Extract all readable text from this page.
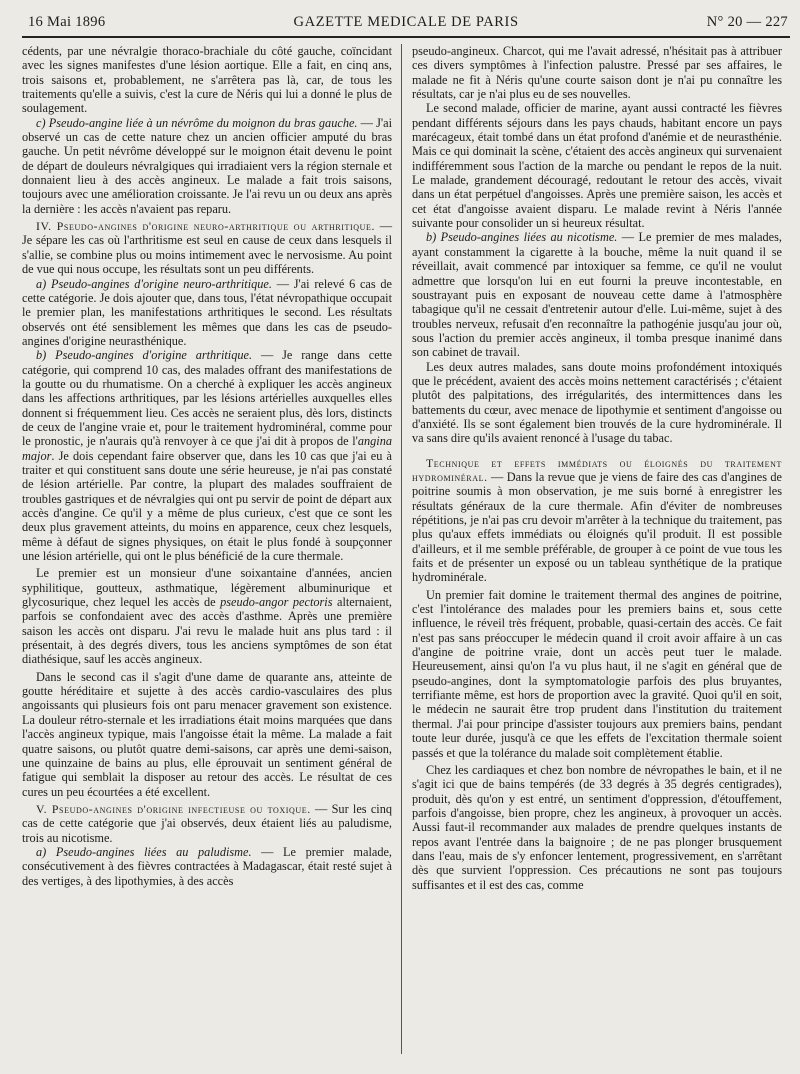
16 Mai 1896	GAZETTE MEDICALE DE PARIS	N° 20 — 227

cédents, par une névralgie thoraco-brachiale du côté gauche, coïncidant avec les signes manifestes d'une lésion aortique. Elle a fait, en cinq ans, trois saisons et, probablement, ne s'arrêtera pas là, car, de tous les traitements qu'elle a suivis, c'est la cure de Néris qui lui a donné le plus de soulagement.

c) Pseudo-angine liée à un névrôme du moignon du bras gauche. — J'ai observé un cas de cette nature chez un ancien officier amputé du bras gauche. Un petit névrôme développé sur le moignon était devenu le point de départ de douleurs névralgiques qui irradiaient vers la région sternale et donnaient lieu à des accès angineux. Le malade a fait trois saisons, toujours avec une amélioration croissante. Je l'ai revu un ou deux ans après la dernière : les accès n'avaient pas reparu.

IV. Pseudo-angines d'origine neuro-arthritique ou arthritique. — Je sépare les cas où l'arthritisme est seul en cause de ceux dans lesquels il s'allie, se combine plus ou moins intimement avec le nervosisme. Au point de vue qui nous occupe, les résultats sont un peu différents.

a) Pseudo-angines d'origine neuro-arthritique. — J'ai relevé 6 cas de cette catégorie. Je dois ajouter que, dans tous, l'état névropathique occupait le premier plan, les manifestations arthritiques le second. Les résultats observés ont été sensiblement les mêmes que dans les cas de pseudo-angines d'origine neurasthénique.

b) Pseudo-angines d'origine arthritique. — Je range dans cette catégorie, qui comprend 10 cas, des malades offrant des manifestations de la goutte ou du rhumatisme. On a cherché à expliquer les accès angineux dans les affections arthritiques, par les lésions artérielles auxquelles elles donnent si fréquemment lieu. Ces accès ne seraient plus, dès lors, distincts de ceux de l'angine vraie et, pour le traitement hydrominéral, comme pour le pronostic, je n'aurais qu'à renvoyer à ce que j'ai dit à propos de l'angina major. Je dois cependant faire observer que, dans les 10 cas que j'ai eu à traiter et qui constituent sans doute une série heureuse, je n'ai pas constaté de lésion artérielle. Par contre, la plupart des malades souffraient de troubles gastriques et de névralgies qui ont pu servir de point de départ aux accès d'angine. Ce qu'il y a même de plus curieux, c'est que ce sont les deux plus gravement atteints, du moins en apparence, ceux chez lesquels, même à défaut de signes physiques, on était le plus fondé à soupçonner une lésion artérielle, qui ont le plus bénéficié de la cure thermale.

Le premier est un monsieur d'une soixantaine d'années, ancien syphilitique, goutteux, asthmatique, légèrement albuminurique et glycosurique, chez lequel les accès de pseudo-angor pectoris alternaient, parfois se confondaient avec des accès d'asthme. Après une première saison les accès ont disparu. J'ai revu le malade huit ans plus tard : il présentait, à des degrés divers, tous les anciens symptômes de son état diathésique, sauf les accès angineux.

Dans le second cas il s'agit d'une dame de quarante ans, atteinte de goutte héréditaire et sujette à des accès cardio-vasculaires des plus angoissants qui plusieurs fois ont paru menacer gravement son existence. La douleur rétro-sternale et les irradiations était moins marquées que dans l'accès angineux typique, mais l'angoisse était la même. La malade a fait quatre saisons, ou plutôt quatre demi-saisons, car après une demi-saison, une quinzaine de bains au plus, elle éprouvait un sentiment général de fatigue qui semblait la disposer au retour des accès. Le résultat de ces cures un peu écourtées a été excellent.

V. Pseudo-angines d'origine infectieuse ou toxique. — Sur les cinq cas de cette catégorie que j'ai observés, deux étaient liés au paludisme, trois au nicotisme.

a) Pseudo-angines liées au paludisme. — Le premier malade, consécutivement à des fièvres contractées à Madagascar, était resté sujet à des vertiges, à des lipothymies, à des accès

pseudo-angineux. Charcot, qui me l'avait adressé, n'hésitait pas à attribuer ces divers symptômes à l'infection palustre. Pressé par ses affaires, le malade ne fit à Néris qu'une courte saison dont je n'ai pu connaître les résultats, car je n'ai plus eu de ses nouvelles.

Le second malade, officier de marine, ayant aussi contracté les fièvres pendant différents séjours dans les pays chauds, habitant encore un pays marécageux, était tombé dans un état profond d'anémie et de neurasthénie. Mais ce qui dominait la scène, c'étaient des accès angineux qui survenaient indifféremment sous l'action de la marche ou pendant le repos de la nuit. Le malade, grandement découragé, redoutant le retour des accès, vivait dans un état perpétuel d'angoisses. Après une première saison, les accès et cet état d'angoisse avaient disparu. Le malade revint à Néris l'année suivante pour consolider un si heureux résultat.

b) Pseudo-angines liées au nicotisme. — Le premier de mes malades, ayant constamment la cigarette à la bouche, même la nuit quand il se réveillait, avait commencé par intoxiquer sa femme, ce qu'il ne voulut admettre que lorsqu'on lui en eut fourni la preuve incontestable, en soustrayant puis en exposant de nouveau cette dame à l'atmosphère tabagique qu'il ne cessait d'entretenir autour d'elle. Lui-même, sujet à des troubles nerveux, refusait d'en reconnaître la pathogénie jusqu'au jour où, sous l'action du premier accès angineux, il tomba presque inanimé dans son cabinet de travail.

Les deux autres malades, sans doute moins profondément intoxiqués que le précédent, avaient des accès moins nettement caractérisés ; c'étaient plutôt des palpitations, des irrégularités, des intermittences dans les battements du cœur, avec menace de lipothymie et sentiment d'angoisse ou d'anxiété. Ils se sont également bien trouvés de la cure hydrominérale. Il va sans dire qu'ils avaient renoncé à l'usage du tabac.

Technique et effets immédiats ou éloignés du traitement hydrominéral. — Dans la revue que je viens de faire des cas d'angines de poitrine soumis à mon observation, je me suis borné à enregistrer les résultats généraux de la cure thermale. Afin d'éviter de nombreuses répétitions, je n'ai pas cru devoir m'arrêter à la technique du traitement, pas plus qu'aux effets immédiats ou éloignés qu'il produit. Il est possible d'ailleurs, et il me semble préférable, de grouper à ce point de vue tous les faits et de présenter un exposé ou un tableau synthétique de la pratique hydrominérale.

Un premier fait domine le traitement thermal des angines de poitrine, c'est l'intolérance des malades pour les premiers bains et, sous cette influence, le réveil très fréquent, probable, quasi-certain des accès. Ce fait n'est pas sans préoccuper le médecin quand il croit avoir affaire à un cas d'angine de poitrine vraie, dont un accès peut tuer le malade. Heureusement, ainsi qu'on l'a vu plus haut, il ne s'agit en général que de pseudo-angines, dont la symptomatologie parfois des plus bruyantes, terrifiante même, est hors de proportion avec la gravité. Quoi qu'il en soit, le médecin ne saurait être trop prudent dans l'institution du traitement thermal. J'ai pour principe d'assister toujours aux premiers bains, pendant toute leur durée, jusqu'à ce que les effets de l'excitation thermale soient passés et que la tolérance du malade soit complètement établie.

Chez les cardiaques et chez bon nombre de névropathes le bain, et il ne s'agit ici que de bains tempérés (de 33 degrés à 35 degrés centigrades), produit, dès qu'on y est entré, un sentiment d'oppression, d'étouffement, parfois d'angoisse, bien propre, chez les angineux, à provoquer un accès. Aussi faut-il recommander aux malades de prendre quelques instants de repos avant l'entrée dans la baignoire ; de ne pas plonger brusquement dans l'eau, mais de s'y enfoncer lentement, progressivement, en s'arrêtant dès que survient l'oppression. Ces précautions ne sont pas toujours suffisantes et il est des cas, comme
